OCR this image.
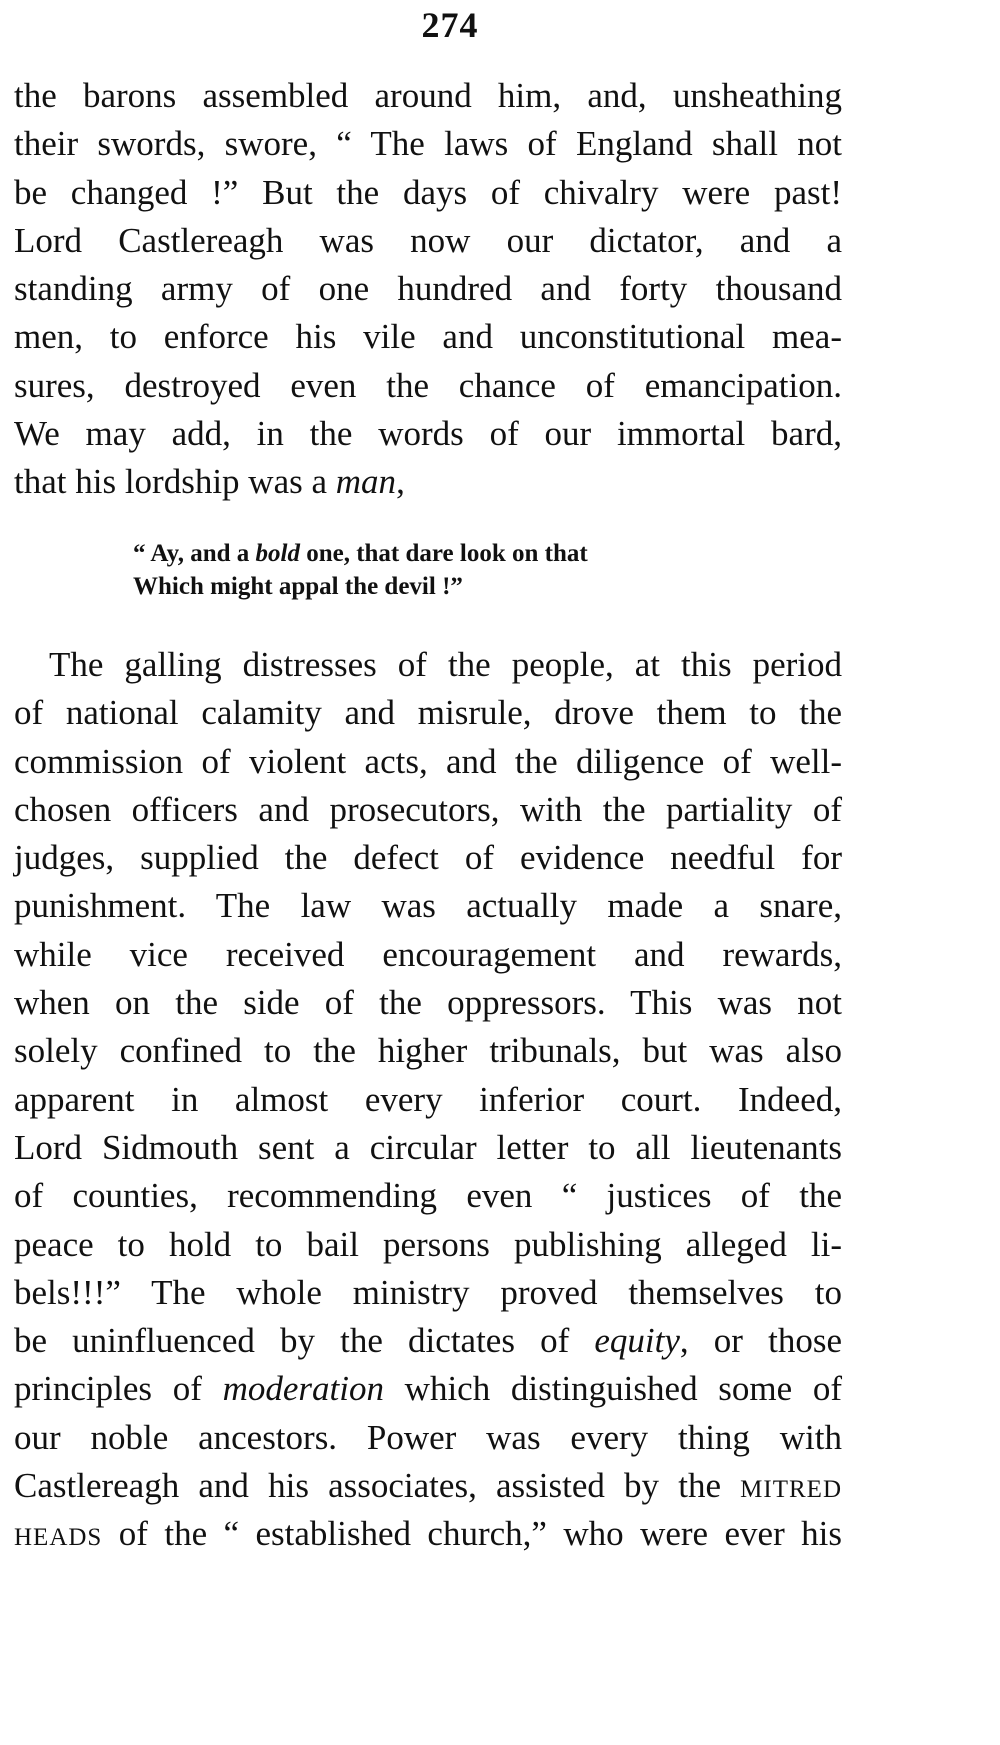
274
the barons assembled around him, and, unsheathing
their swords, swore, “ The laws of England shall not
be changed !” But the days of chivalry were past!
Lord Castlereagh was now our dictator, and a
standing army of one hundred and forty thousand
men, to enforce his vile and unconstitutional mea-
sures, destroyed even the chance of emancipation.
We may add, in the words of our immortal bard,
that his lordship was a man,
“ Ay, and a bold one, that dare look on that
Which might appal the devil !”
The galling distresses of the people, at this period
of national calamity and misrule, drove them to the
commission of violent acts, and the diligence of well-
chosen officers and prosecutors, with the partiality of
judges, supplied the defect of evidence needful for
punishment. The law was actually made a snare,
while vice received encouragement and rewards,
when on the side of the oppressors. This was not
solely confined to the higher tribunals, but was also
apparent in almost every inferior court. Indeed,
Lord Sidmouth sent a circular letter to all lieutenants
of counties, recommending even “ justices of the
peace to hold to bail persons publishing alleged li-
bels!!!” The whole ministry proved themselves to
be uninfluenced by the dictates of equity, or those
principles of moderation which distinguished some of
our noble ancestors. Power was every thing with
Castlereagh and his associates, assisted by the mitred
heads of the “ established church,” who were ever his
